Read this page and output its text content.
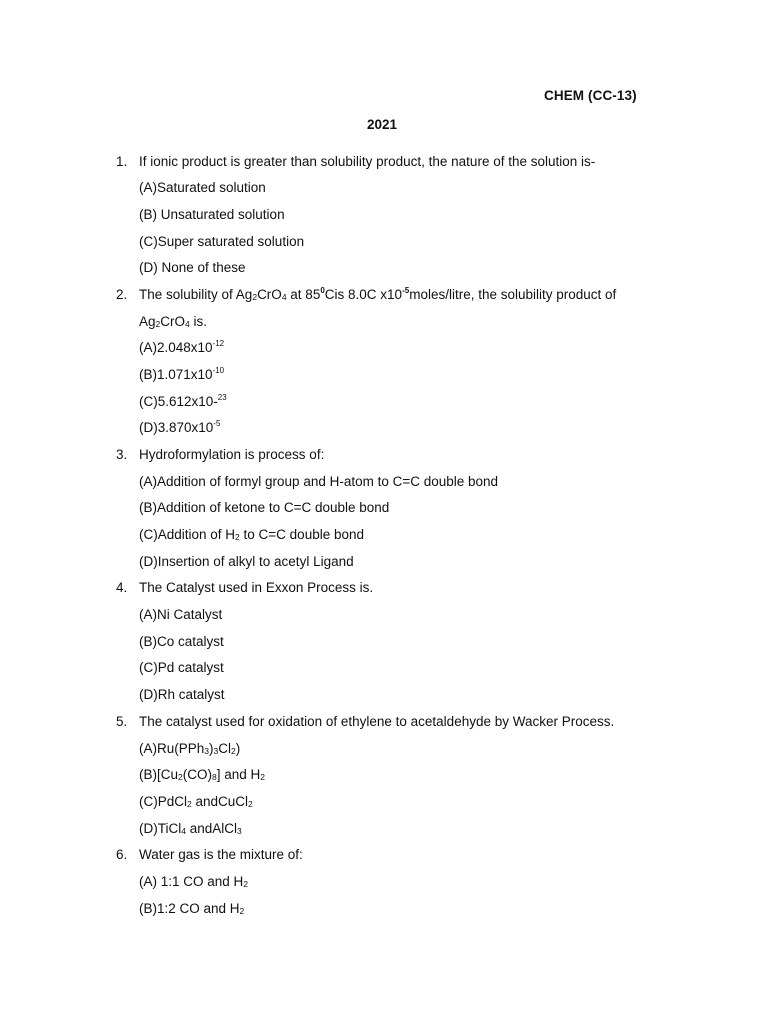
CHEM (CC-13)
2021
1. If ionic product is greater than solubility product, the nature of the solution is-
(A)Saturated solution
(B) Unsaturated solution
(C)Super saturated solution
(D) None of these
2. The solubility of $Ag_2CrO_4$ at $85^0Cis$ 8.0C $x10^{-5}moles$/litre, the solubility product of
$Ag_2CrO_4$ is.
$(A)2.048x10^{-12}$
$(B)1.071x10^{-10}$
(C)5.612x10-$^{23}$
$(D)3.870x10^{-5}$
3. Hydroformylation is process of:
(A)Addition of formyl group and H-atom to C=C double bond
(B)Addition of ketone to C=C double bond
(C)Addition of $H_2$ to C=C double bond
(D)Insertion of alkyl to acetyl Ligand
4. The Catalyst used in Exxon Process is.
(A)Ni Catalyst
(B)Co catalyst
(C)Pd catalyst
(D)Rh catalyst
5. The catalyst used for oxidation of ethylene to acetaldehyde by Wacker Process.
$(A)Ru(PPh_3)_3Cl_2$)
$(B)[Cu_2(CO)_8]$ and $H_2$
(C)PdCl$_2$ andCuCl$_2$
(D)TiCl$_4$ andAlCl$_3$
6. Water gas is the mixture of:
(A) 1:1 CO and $H_2$
(B)1:2 CO and $H_2$
